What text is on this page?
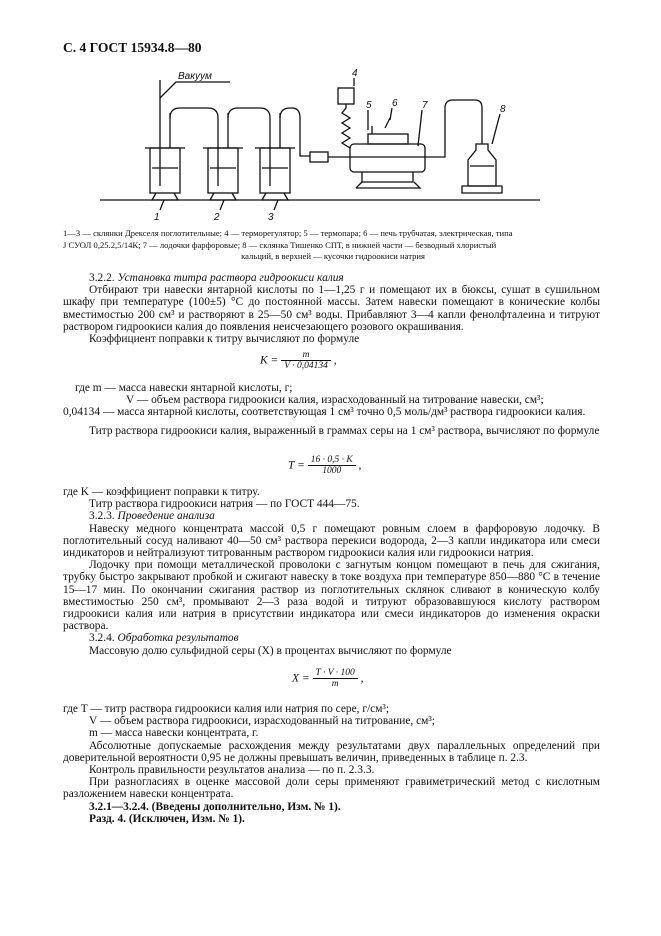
С. 4 ГОСТ 15934.8—80
Вакуум
1	2	3
4
5 6 7	8
1—3 — склянки Дрекселя поглотительные; 4 — терморегулятор; 5 — термопара; 6 — печь трубчатая, электрическая, типа
J СУОЛ 0,25.2,5/14К; 7 — лодочки фарфоровые; 8 — склянка Тишенко СПТ, в нижней части — безводный хлористый
кальций, в верхней — кусочки гидроокиси натрия
3.2.2. Установка титра раствора гидроокиси калия
Отбирают три навески янтарной кислоты по 1—1,25 г и помещают их в бюксы, сушат в сушильном шкафу при температуре (100±5) °С до постоянной массы. Затем навески помещают в конические колбы вместимостью 200 см³ и растворяют в 25—50 см³ воды. Прибавляют 3—4 капли фенолфталеина и титруют раствором гидроокиси калия до появления неисчезающего розового окрашивания.
Коэффициент поправки к титру вычисляют по формуле
$K = \frac{m}{V \cdot 0,04134}$ ,
где m — масса навески янтарной кислоты, г;
V — объем раствора гидроокиси калия, израсходованный на титрование навески, см³;
0,04134 — масса янтарной кислоты, соответствующая 1 см³ точно 0,5 моль/дм³ раствора гидроокиси калия.
Титр раствора гидроокиси калия, выраженный в граммах серы на 1 см³ раствора, вычисляют по формуле
$T = \frac{16 \cdot 0,5 \cdot K}{1000}$ ,
где K — коэффициент поправки к титру.
Титр раствора гидроокиси натрия — по ГОСТ 444—75.
3.2.3. Проведение анализа
Навеску медного концентрата массой 0,5 г помещают ровным слоем в фарфоровую лодочку. В поглотительный сосуд наливают 40—50 см³ раствора перекиси водорода, 2—3 капли индикатора или смеси индикаторов и нейтрализуют титрованным раствором гидроокиси калия или гидроокиси натрия.
Лодочку при помощи металлической проволоки с загнутым концом помещают в печь для сжигания, трубку быстро закрывают пробкой и сжигают навеску в токе воздуха при температуре 850—880 °С в течение 15—17 мин. По окончании сжигания раствор из поглотительных склянок сливают в коническую колбу вместимостью 250 см³, промывают 2—3 раза водой и титруют образовавшуюся кислоту раствором гидроокиси калия или натрия в присутствии индикатора или смеси индикаторов до изменения окраски раствора.
3.2.4. Обработка результатов
Массовую долю сульфидной серы (X) в процентах вычисляют по формуле
$X = \frac{T \cdot V \cdot 100}{m}$ ,
где T — титр раствора гидроокиси калия или натрия по сере, г/см³;
V — объем раствора гидроокиси, израсходованный на титрование, см³;
m — масса навески концентрата, г.
Абсолютные допускаемые расхождения между результатами двух параллельных определений при доверительной вероятности 0,95 не должны превышать величин, приведенных в таблице п. 2.3.
Контроль правильности результатов анализа — по п. 2.3.3.
При разногласиях в оценке массовой доли серы применяют гравиметрический метод с кислотным разложением навески концентрата.
3.2.1—3.2.4. (Введены дополнительно, Изм. № 1).
Разд. 4. (Исключен, Изм. № 1).
